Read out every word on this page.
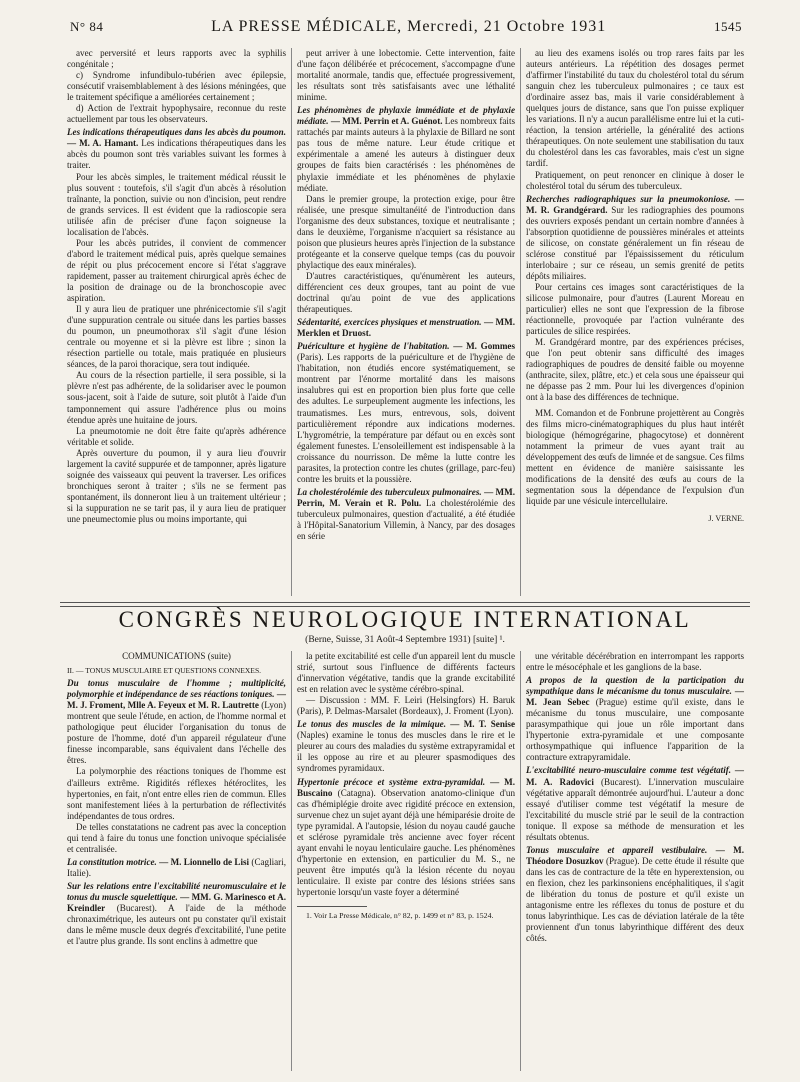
N° 84	LA PRESSE MÉDICALE, Mercredi, 21 Octobre 1931	1545

avec perversité et leurs rapports avec la syphilis congénitale ;

c) Syndrome infundibulo-tubérien avec épilepsie, consécutif vraisemblablement à des lésions méningées, que le traitement spécifique a améliorées certainement ;

d) Action de l'extrait hypophysaire, reconnue du reste actuellement par tous les observateurs.

Les indications thérapeutiques dans les abcès du poumon. — M. A. Hamant. Les indications thérapeutiques dans les abcès du poumon sont très variables suivant les formes à traiter.

Pour les abcès simples, le traitement médical réussit le plus souvent : toutefois, s'il s'agit d'un abcès à résolution traînante, la ponction, suivie ou non d'incision, peut rendre de grands services. Il est évident que la radioscopie sera utilisée afin de préciser d'une façon soigneuse la localisation de l'abcès.

Pour les abcès putrides, il convient de commencer d'abord le traitement médical puis, après quelque semaines de répit ou plus précocement encore si l'état s'aggrave rapidement, passer au traitement chirurgical après échec de la position de drainage ou de la bronchoscopie avec aspiration.

Il y aura lieu de pratiquer une phrénicectomie s'il s'agit d'une suppuration centrale ou située dans les parties basses du poumon, un pneumothorax s'il s'agit d'une lésion centrale ou moyenne et si la plèvre est libre ; sinon la résection partielle ou totale, mais pratiquée en plusieurs séances, de la paroi thoracique, sera tout indiquée.

Au cours de la résection partielle, il sera possible, si la plèvre n'est pas adhérente, de la solidariser avec le poumon sous-jacent, soit à l'aide de suture, soit plutôt à l'aide d'un tamponnement qui assure l'adhérence plus ou moins étendue après une huitaine de jours.

La pneumotomie ne doit être faite qu'après adhérence véritable et solide.

Après ouverture du poumon, il y aura lieu d'ouvrir largement la cavité suppurée et de tamponner, après ligature soignée des vaisseaux qui peuvent la traverser. Les orifices bronchiques seront à traiter ; s'ils ne se ferment pas spontanément, ils donneront lieu à un traitement ultérieur ; si la suppuration ne se tarit pas, il y aura lieu de pratiquer une pneumectomie plus ou moins importante, qui

peut arriver à une lobectomie. Cette intervention, faite d'une façon délibérée et précocement, s'accompagne d'une mortalité anormale, tandis que, effectuée progressivement, les résultats sont très satisfaisants avec une léthalité minime.

Les phénomènes de phylaxie immédiate et de phylaxie médiate. — MM. Perrin et A. Guénot. Les nombreux faits rattachés par maints auteurs à la phylaxie de Billard ne sont pas tous de même nature. Leur étude critique et expérimentale a amené les auteurs à distinguer deux groupes de faits bien caractérisés : les phénomènes de phylaxie immédiate et les phénomènes de phylaxie médiate.

Dans le premier groupe, la protection exige, pour être réalisée, une presque simultanéité de l'introduction dans l'organisme des deux substances, toxique et neutralisante ; dans le deuxième, l'organisme n'acquiert sa résistance au poison que plusieurs heures après l'injection de la substance protégeante et la conserve quelque temps (cas du pouvoir phylactique des eaux minérales).

D'autres caractéristiques, qu'énumèrent les auteurs, différencient ces deux groupes, tant au point de vue doctrinal qu'au point de vue des applications thérapeutiques.

Sédentarité, exercices physiques et menstruation. — MM. Merklen et Druost.

Puériculture et hygiène de l'habitation. — M. Gommes (Paris). Les rapports de la puériculture et de l'hygiène de l'habitation, non étudiés encore systématiquement, se montrent par l'énorme mortalité dans les maisons insalubres qui est en proportion bien plus forte que celle des adultes. Le surpeuplement augmente les infections, les traumatismes. Les murs, entrevous, sols, doivent particulièrement répondre aux indications modernes. L'hygrométrie, la température par défaut ou en excès sont également funestes. L'ensoleillement est indispensable à la croissance du nourrisson. De même la lutte contre les parasites, la protection contre les chutes (grillage, parc-feu) contre les bruits et la poussière.

La cholestérolémie des tuberculeux pulmonaires. — MM. Perrin, M. Verain et R. Polu. La cholestérolémie des tuberculeux pulmonaires, question d'actualité, a été étudiée à l'Hôpital-Sanatorium Villemin, à Nancy, par des dosages en série

au lieu des examens isolés ou trop rares faits par les auteurs antérieurs. La répétition des dosages permet d'affirmer l'instabilité du taux du cholestérol total du sérum sanguin chez les tuberculeux pulmonaires ; ce taux est d'ordinaire assez bas, mais il varie considérablement à quelques jours de distance, sans que l'on puisse expliquer les variations. Il n'y a aucun parallélisme entre lui et la cuti-réaction, la tension artérielle, la généralité des actions thérapeutiques. On note seulement une stabilisation du taux du cholestérol dans les cas favorables, mais c'est un signe tardif.

Pratiquement, on peut renoncer en clinique à doser le cholestérol total du sérum des tuberculeux.

Recherches radiographiques sur la pneumokoniose. — M. R. Grandgérard. Sur les radiographies des poumons des ouvriers exposés pendant un certain nombre d'années à l'absorption quotidienne de poussières minérales et atteints de silicose, on constate généralement un fin réseau de sclérose constitué par l'épaississement du réticulum interlobaire ; sur ce réseau, un semis grenité de petits dépôts miliaires.

Pour certains ces images sont caractéristiques de la silicose pulmonaire, pour d'autres (Laurent Moreau en particulier) elles ne sont que l'expression de la fibrose réactionnelle, provoquée par l'action vulnérante des particules de silice respirées.

M. Grandgérard montre, par des expériences précises, que l'on peut obtenir sans difficulté des images radiographiques de poudres de densité faible ou moyenne (anthracite, silex, plâtre, etc.) et cela sous une épaisseur qui ne dépasse pas 2 mm. Pour lui les divergences d'opinion ont à la base des différences de technique.

MM. Comandon et de Fonbrune projettèrent au Congrès des films micro-cinématographiques du plus haut intérêt biologique (hémogrégarine, phagocytose) et donnèrent notamment la primeur de vues ayant trait au développement des œufs de limnée et de sangsue. Ces films mettent en évidence de manière saisissante les modifications de la densité des œufs au cours de la segmentation sous la dépendance de l'expulsion d'un liquide par une vésicule intercellulaire.

J. VERNE.

CONGRÈS NEUROLOGIQUE INTERNATIONAL
(Berne, Suisse, 31 Août-4 Septembre 1931) [suite] ¹.

COMMUNICATIONS (suite)

II. — TONUS MUSCULAIRE ET QUESTIONS CONNEXES.

Du tonus musculaire de l'homme ; multiplicité, polymorphie et indépendance de ses réactions toniques. — M. J. Froment, Mlle A. Feyeux et M. R. Lautrette (Lyon) montrent que seule l'étude, en action, de l'homme normal et pathologique peut élucider l'organisation du tonus de posture de l'homme, doté d'un appareil régulateur d'une finesse incomparable, sans équivalent dans l'échelle des êtres.

La polymorphie des réactions toniques de l'homme est d'ailleurs extrême. Rigidités réflexes hétéroclites, les hypertonies, en fait, n'ont entre elles rien de commun. Elles sont manifestement liées à la perturbation de réflectivités indépendantes de tous ordres.

De telles constatations ne cadrent pas avec la conception qui tend à faire du tonus une fonction univoque spécialisée et centralisée.

La constitution motrice. — M. Lionnello de Lisi (Cagliari, Italie).

Sur les relations entre l'excitabilité neuromusculaire et le tonus du muscle squelettique. — MM. G. Marinesco et A. Kreindler (Bucarest). A l'aide de la méthode chronaximétrique, les auteurs ont pu constater qu'il existait dans le même muscle deux degrés d'excitabilité, l'une petite et l'autre plus grande. Ils sont enclins à admettre que

la petite excitabilité est celle d'un appareil lent du muscle strié, surtout sous l'influence de différents facteurs d'innervation végétative, tandis que la grande excitabilité est en relation avec le système cérébro-spinal.

— Discussion : MM. F. Leiri (Helsingfors) H. Baruk (Paris), P. Delmas-Marsalet (Bordeaux), J. Froment (Lyon).

Le tonus des muscles de la mimique. — M. T. Senise (Naples) examine le tonus des muscles dans le rire et le pleurer au cours des maladies du système extrapyramidal et il les oppose au rire et au pleurer spasmodiques des syndromes pyramidaux.

Hypertonie précoce et système extra-pyramidal. — M. Buscaino (Catagna). Observation anatomo-clinique d'un cas d'hémiplégie droite avec rigidité précoce en extension, survenue chez un sujet ayant déjà une hémiparésie droite de type pyramidal. A l'autopsie, lésion du noyau caudé gauche et sclérose pyramidale très ancienne avec foyer récent ayant envahi le noyau lenticulaire gauche. Les phénomènes d'hypertonie en extension, en particulier du M. S., ne peuvent être imputés qu'à la lésion récente du noyau lenticulaire. Il existe par contre des lésions striées sans hypertonie lorsqu'un vaste foyer a déterminé

1. Voir La Presse Médicale, n° 82, p. 1499 et n° 83, p. 1524.

une véritable décérébration en interrompant les rapports entre le mésocéphale et les ganglions de la base.

A propos de la question de la participation du sympathique dans le mécanisme du tonus musculaire. — M. Jean Sebec (Prague) estime qu'il existe, dans le mécanisme du tonus musculaire, une composante parasympathique qui joue un rôle important dans l'hypertonie extra-pyramidale et une composante orthosympathique qui influence l'apparition de la contracture extrapyramidale.

L'excitabilité neuro-musculaire comme test végétatif. — M. A. Radovici (Bucarest). L'innervation musculaire végétative apparaît démontrée aujourd'hui. L'auteur a donc essayé d'utiliser comme test végétatif la mesure de l'excitabilité du muscle strié par le seuil de la contraction tonique. Il expose sa méthode de mensuration et les résultats obtenus.

Tonus musculaire et appareil vestibulaire. — M. Théodore Dosuzkov (Prague). De cette étude il résulte que dans les cas de contracture de la tête en hyperextension, ou en flexion, chez les parkinsoniens encéphalitiques, il s'agit de libération du tonus de posture et qu'il existe un antagonisme entre les réflexes du tonus de posture et du tonus labyrinthique. Les cas de déviation latérale de la tête proviennent d'un tonus labyrinthique différent des deux côtés.
